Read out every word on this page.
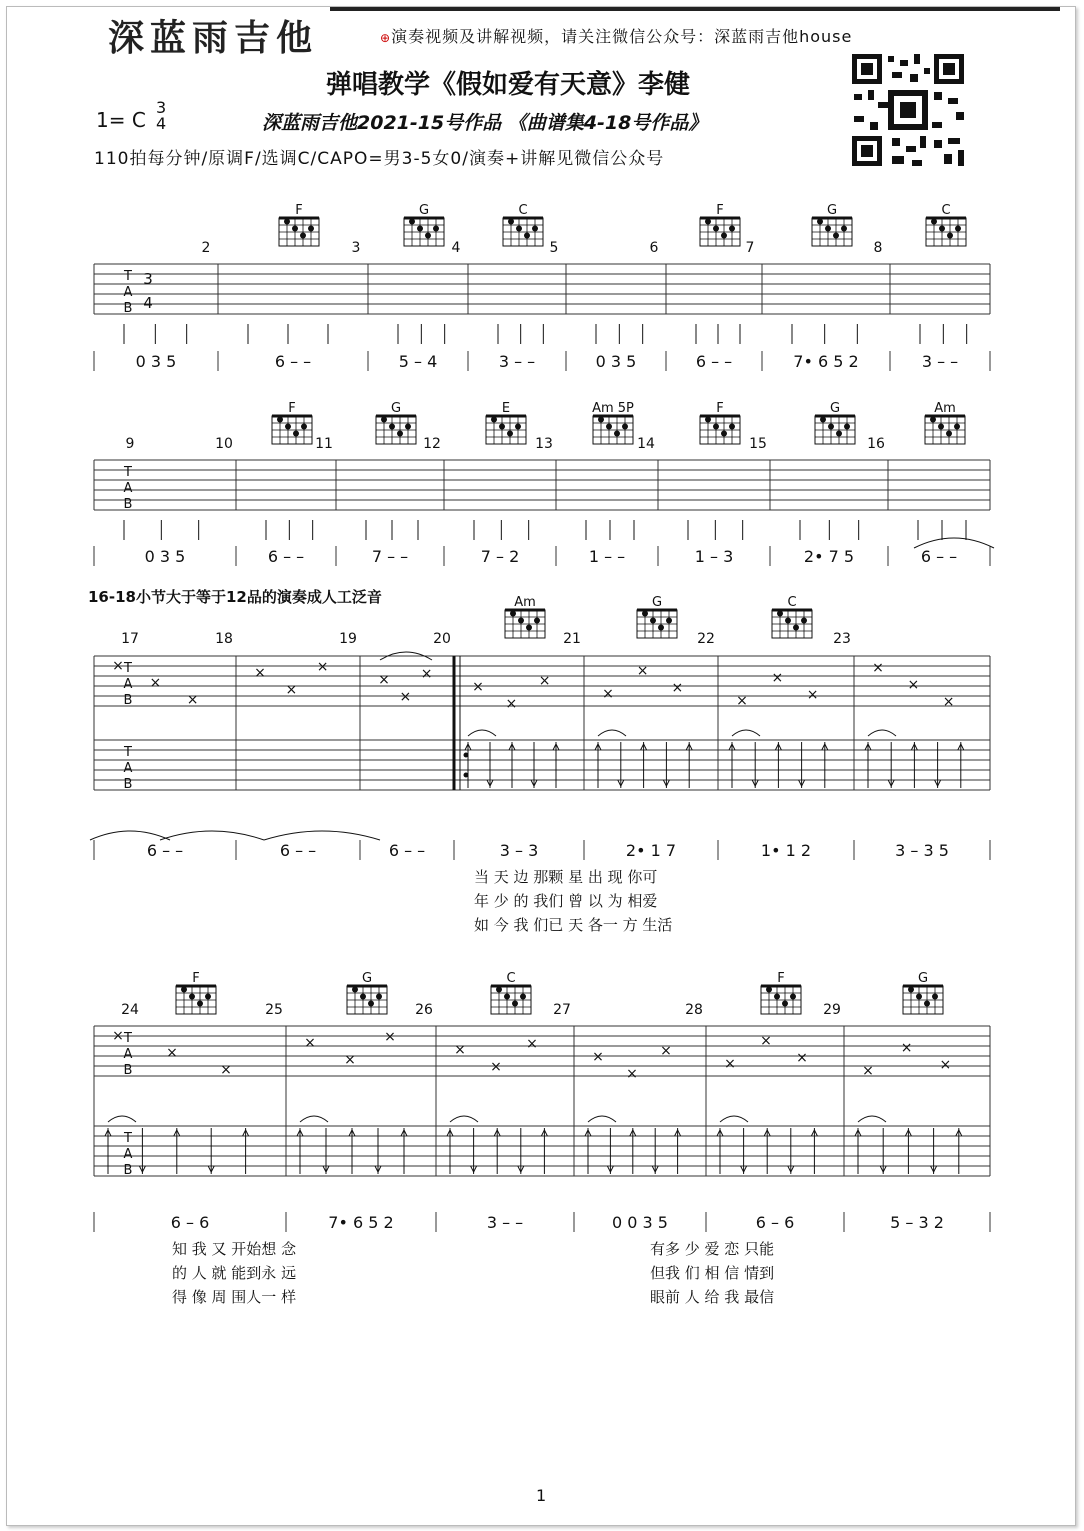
深蓝雨吉他	⊕演奏视频及讲解视频，请关注微信公众号：深蓝雨吉他house
弹唱教学《假如爱有天意》李健
1= C
3
4	深蓝雨吉他2021-15号作品 《曲谱集4-18号作品》
110拍每分钟/原调F/选调C/CAPO=男3-5女0/演奏+讲解见微信公众号
T
A
B
0 3 5
2
F
6 – –
3
G
5 – 4
4
C
3 – –
5
0 3 5
6
F
6 – –
7
G
7• 6 5 2
8
C
3 – –
T
A
B
9
0 3 5
10
F
6 – –
11
G
7 – –
12
E
7 – 2
13
Am 5P
1 – –
14
F
1 – 3
15
G
2• 7 5
16
Am
6 – –
T
A
B
T
A
B
17
6 – –
×
×
×
18
6 – –
×
×
×
19
6 – –
×
×
×
20
Am
3 – 3
×
×
×
21
G
2• 1 7
×
×
×
22
C
1• 1 2
×
×
×
23
3 – 3 5
×
×
×
当 天 边 那颗 星 出 现 你可
年 少 的 我们 曾 以 为 相爱
如 今 我 们已 天 各一 方 生活
T
A
B
T
A
B
24
F
6 – 6
×
×
×
25
G
7• 6 5 2
×
×
×
26
C
3 – –
×
×
×
27
0 0 3 5
×
×
×
28
F
6 – 6
×
×
×
29
G
5 – 3 2
×
×
×
知 我 又 开始想 念
的 人 就 能到永 远
得 像 周 围人一 样
有多 少 爱 恋 只能
但我 们 相 信 情到
眼前 人 给 我 最信
3
4
16-18小节大于等于12品的演奏成人工泛音
1
